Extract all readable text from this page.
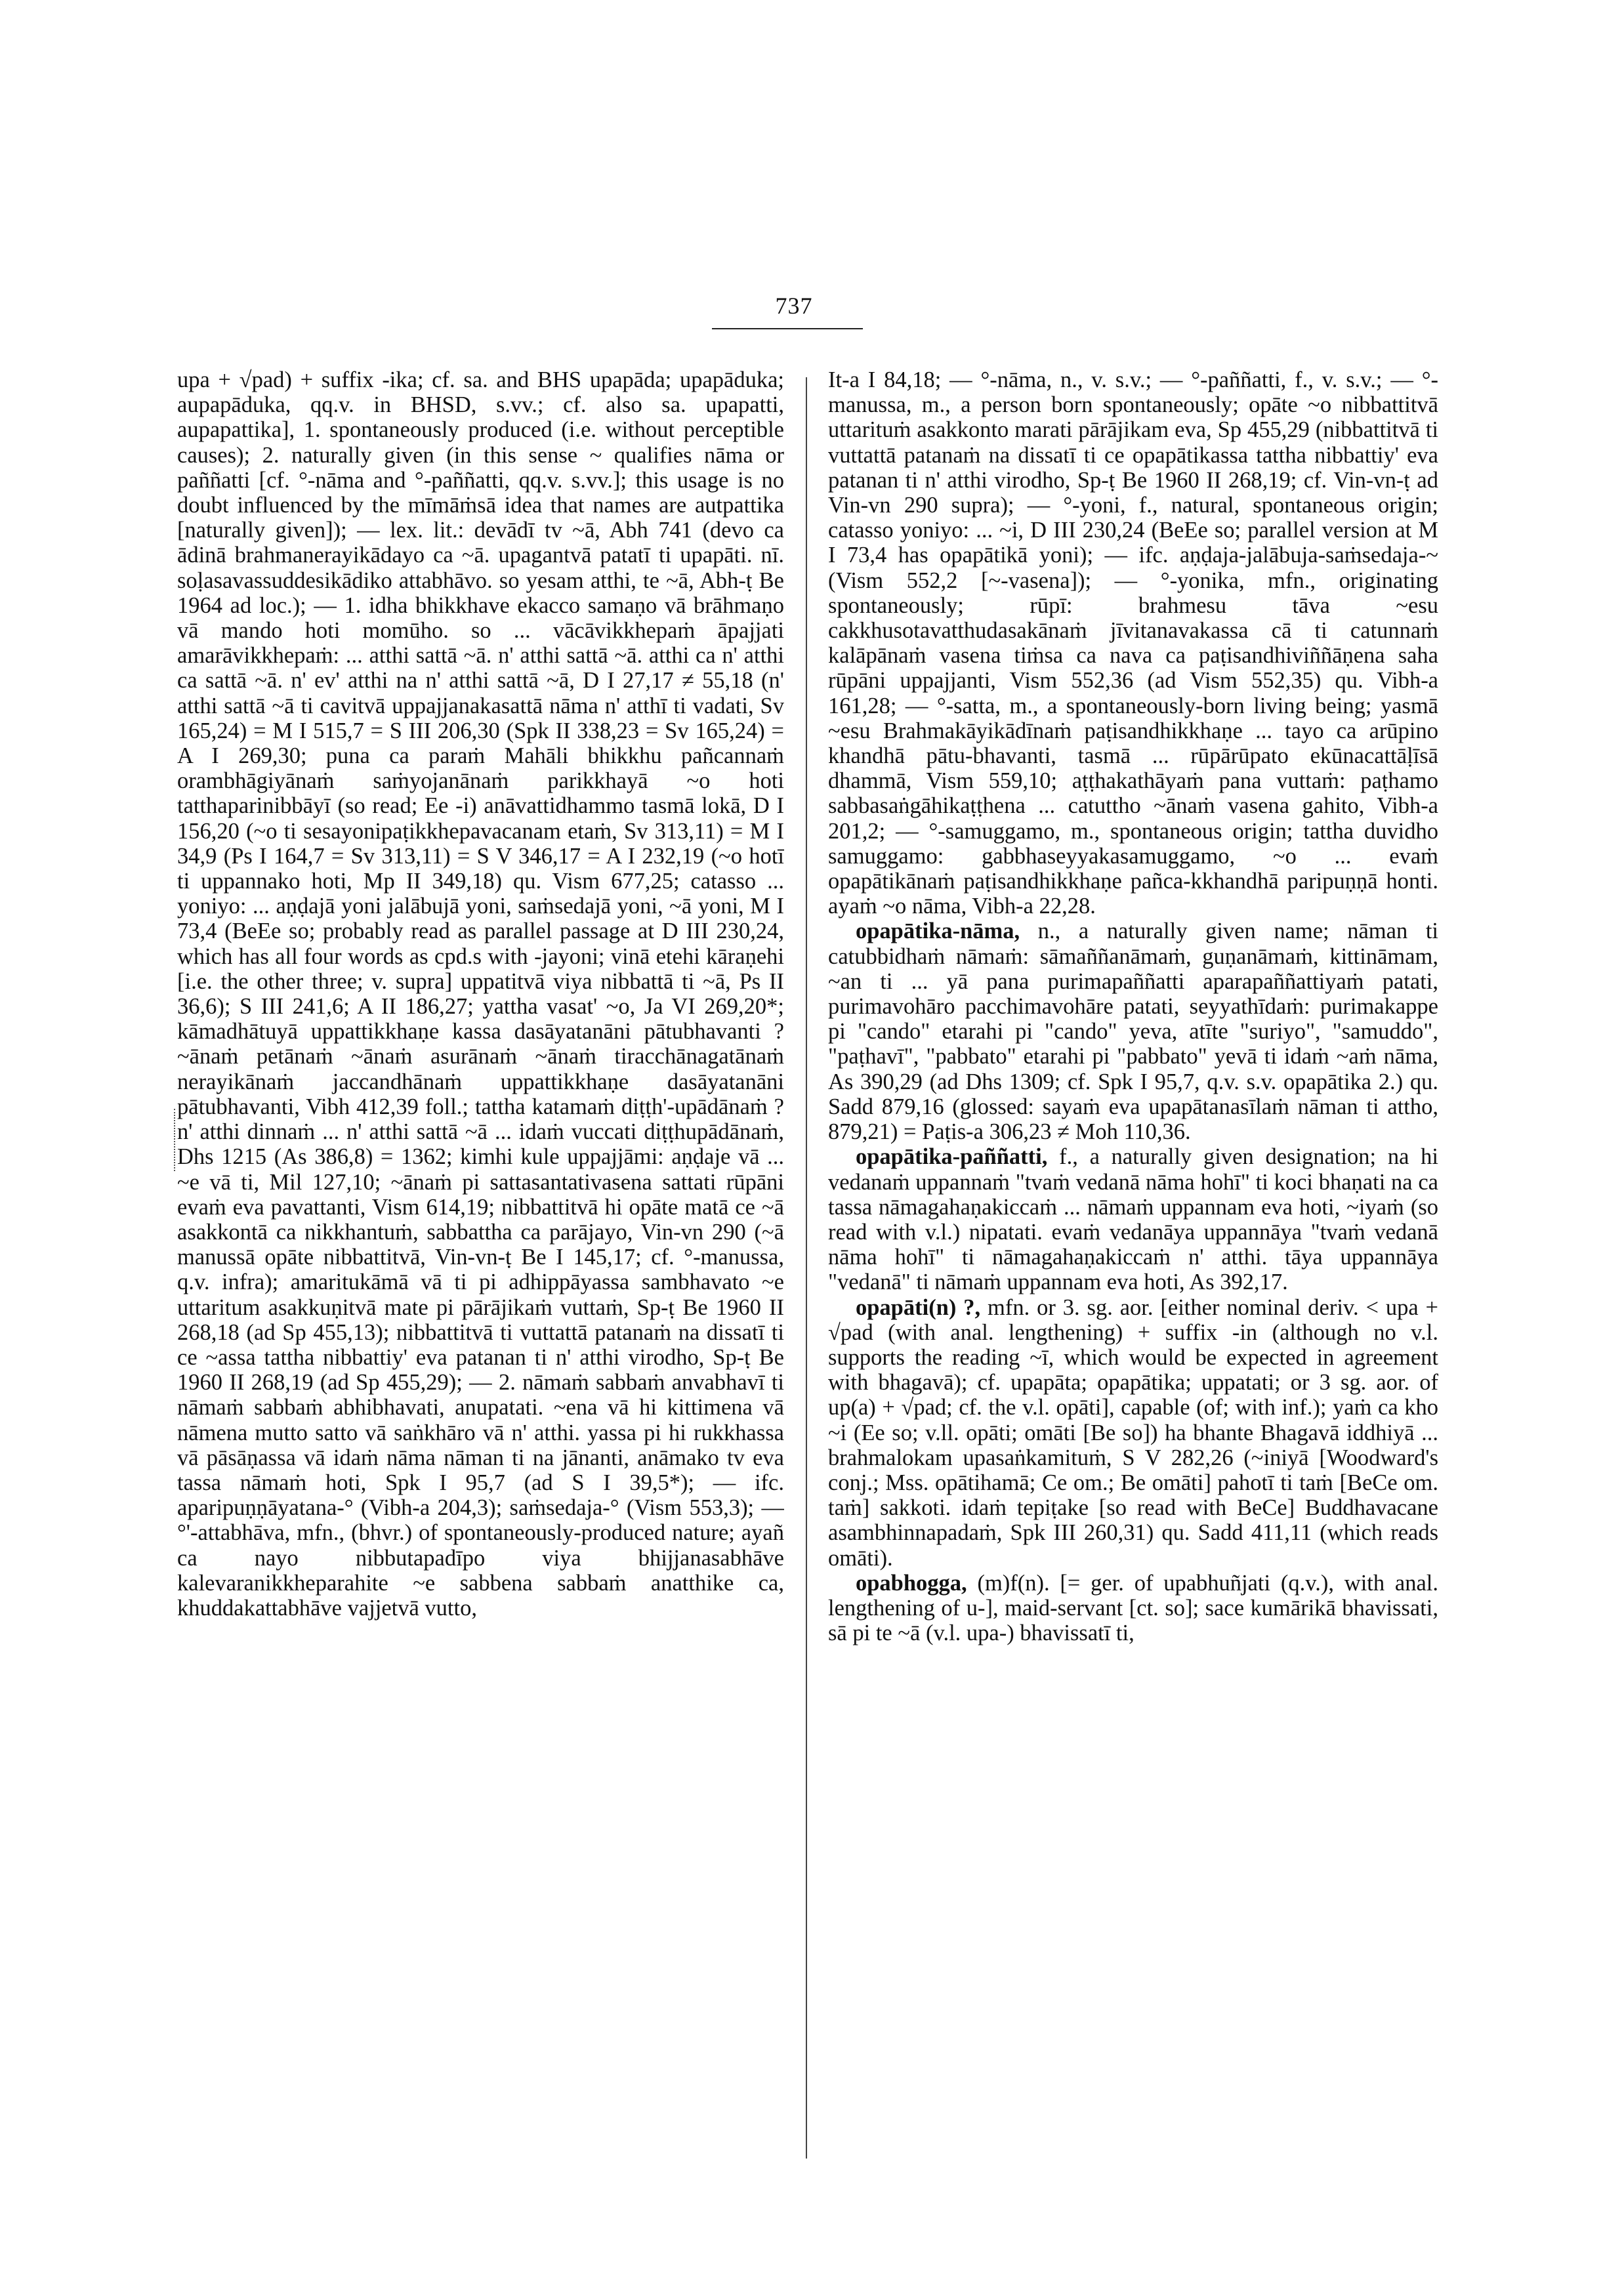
737

upa + √pad) + suffix -ika; cf. sa. and BHS upapāda; upapāduka; aupapāduka, qq.v. in BHSD, s.vv.; cf. also sa. upapatti, aupapattika], 1. spontaneously produced (i.e. without perceptible causes); 2. naturally given (in this sense ~ qualifies nāma or paññatti [cf. °-nāma and °-paññatti, qq.v. s.vv.]; this usage is no doubt influenced by the mīmāṁsā idea that names are autpattika [naturally given]); — lex. lit.: devādī tv ~ā, Abh 741 (devo ca ādinā brahmanerayikādayo ca ~ā. upagantvā patatī ti upapāti. nī. soḷasavassuddesikādiko attabhāvo. so yesam atthi, te ~ā, Abh-ṭ Be 1964 ad loc.); — 1. idha bhikkhave ekacco samaṇo vā brāhmaṇo vā mando hoti momūho. so ... vācāvikkhepaṁ āpajjati amarāvikkhepaṁ: ... atthi sattā ~ā. n' atthi sattā ~ā. atthi ca n' atthi ca sattā ~ā. n' ev' atthi na n' atthi sattā ~ā, D I 27,17 ≠ 55,18 (n' atthi sattā ~ā ti cavitvā uppajjanakasattā nāma n' atthī ti vadati, Sv 165,24) = M I 515,7 = S III 206,30 (Spk II 338,23 = Sv 165,24) = A I 269,30; puna ca paraṁ Mahāli bhikkhu pañcannaṁ orambhāgiyānaṁ saṁyojanānaṁ parikkhayā ~o hoti tatthaparinibbāyī (so read; Ee -i) anāvattidhammo tasmā lokā, D I 156,20 (~o ti sesayonipaṭikkhepavacanam etaṁ, Sv 313,11) = M I 34,9 (Ps I 164,7 = Sv 313,11) = S V 346,17 = A I 232,19 (~o hotī ti uppannako hoti, Mp II 349,18) qu. Vism 677,25; catasso ... yoniyo: ... aṇḍajā yoni jalābujā yoni, saṁsedajā yoni, ~ā yoni, M I 73,4 (BeEe so; probably read as parallel passage at D III 230,24, which has all four words as cpd.s with -jayoni; vinā etehi kāraṇehi [i.e. the other three; v. supra] uppatitvā viya nibbattā ti ~ā, Ps II 36,6); S III 241,6; A II 186,27; yattha vasat' ~o, Ja VI 269,20*; kāmadhātuyā uppattikkhaṇe kassa dasāyatanāni pātubhavanti ? ~ānaṁ petānaṁ ~ānaṁ asurānaṁ ~ānaṁ tiracchānagatānaṁ nerayikānaṁ jaccandhānaṁ uppattikkhaṇe dasāyatanāni pātubhavanti, Vibh 412,39 foll.; tattha katamaṁ diṭṭh'-upādānaṁ ? n' atthi dinnaṁ ... n' atthi sattā ~ā ... idaṁ vuccati diṭṭhupādānaṁ, Dhs 1215 (As 386,8) = 1362; kimhi kule uppajjāmi: aṇḍaje vā ... ~e vā ti, Mil 127,10; ~ānaṁ pi sattasantativasena sattati rūpāni evaṁ eva pavattanti, Vism 614,19; nibbattitvā hi opāte matā ce ~ā asakkontā ca nikkhantuṁ, sabbattha ca parājayo, Vin-vn 290 (~ā manussā opāte nibbattitvā, Vin-vn-ṭ Be I 145,17; cf. °-manussa, q.v. infra); amaritukāmā vā ti pi adhippāyassa sambhavato ~e uttaritum asakkuṇitvā mate pi pārājikaṁ vuttaṁ, Sp-ṭ Be 1960 II 268,18 (ad Sp 455,13); nibbattitvā ti vuttattā patanaṁ na dissatī ti ce ~assa tattha nibbattiy' eva patanan ti n' atthi virodho, Sp-ṭ Be 1960 II 268,19 (ad Sp 455,29); — 2. nāmaṁ sabbaṁ anvabhavī ti nāmaṁ sabbaṁ abhibhavati, anupatati. ~ena vā hi kittimena vā nāmena mutto satto vā saṅkhāro vā n' atthi. yassa pi hi rukkhassa vā pāsāṇassa vā idaṁ nāma nāman ti na jānanti, anāmako tv eva tassa nāmaṁ hoti, Spk I 95,7 (ad S I 39,5*); — ifc. aparipuṇṇāyatana-° (Vibh-a 204,3); saṁsedaja-° (Vism 553,3); — °'-attabhāva, mfn., (bhvr.) of spontaneously-produced nature; ayañ ca nayo nibbutapadīpo viya bhijjanasabhāve kalevaranikkheparahite ~e sabbena sabbaṁ anatthike ca, khuddakattabhāve vajjetvā vutto,

It-a I 84,18; — °-nāma, n., v. s.v.; — °-paññatti, f., v. s.v.; — °-manussa, m., a person born spontaneously; opāte ~o nibbattitvā uttarituṁ asakkonto marati pārājikam eva, Sp 455,29 (nibbattitvā ti vuttattā patanaṁ na dissatī ti ce opapātikassa tattha nibbattiy' eva patanan ti n' atthi virodho, Sp-ṭ Be 1960 II 268,19; cf. Vin-vn-ṭ ad Vin-vn 290 supra); — °-yoni, f., natural, spontaneous origin; catasso yoniyo: ... ~i, D III 230,24 (BeEe so; parallel version at M I 73,4 has opapātikā yoni); — ifc. aṇḍaja-jalābuja-saṁsedaja-~ (Vism 552,2 [~-vasena]); — °-yonika, mfn., originating spontaneously; rūpī: brahmesu tāva ~esu cakkhusotavatthudasakānaṁ jīvitanavakassa cā ti catunnaṁ kalāpānaṁ vasena tiṁsa ca nava ca paṭisandhiviññāṇena saha rūpāni uppajjanti, Vism 552,36 (ad Vism 552,35) qu. Vibh-a 161,28; — °-satta, m., a spontaneously-born living being; yasmā ~esu Brahmakāyikādīnaṁ paṭisandhikkhaṇe ... tayo ca arūpino khandhā pātu-bhavanti, tasmā ... rūpārūpato ekūnacattāḷīsā dhammā, Vism 559,10; aṭṭhakathāyaṁ pana vuttaṁ: paṭhamo sabbasaṅgāhikaṭṭhena ... catuttho ~ānaṁ vasena gahito, Vibh-a 201,2; — °-samuggamo, m., spontaneous origin; tattha duvidho samuggamo: gabbhaseyyakasamuggamo, ~o ... evaṁ opapātikānaṁ paṭisandhikkhaṇe pañca-kkhandhā paripuṇṇā honti. ayaṁ ~o nāma, Vibh-a 22,28.

opapātika-nāma, n., a naturally given name; nāman ti catubbidhaṁ nāmaṁ: sāmaññanāmaṁ, guṇanāmaṁ, kittināmam, ~an ti ... yā pana purimapaññatti aparapaññattiyaṁ patati, purimavohāro pacchimavohāre patati, seyyathīdaṁ: purimakappe pi "cando" etarahi pi "cando" yeva, atīte "suriyo", "samuddo", "paṭhavī", "pabbato" etarahi pi "pabbato" yevā ti idaṁ ~aṁ nāma, As 390,29 (ad Dhs 1309; cf. Spk I 95,7, q.v. s.v. opapātika 2.) qu. Sadd 879,16 (glossed: sayaṁ eva upapātanasīlaṁ nāman ti attho, 879,21) = Paṭis-a 306,23 ≠ Moh 110,36.

opapātika-paññatti, f., a naturally given designation; na hi vedanaṁ uppannaṁ "tvaṁ vedanā nāma hohī" ti koci bhaṇati na ca tassa nāmagahaṇakiccaṁ ... nāmaṁ uppannam eva hoti, ~iyaṁ (so read with v.l.) nipatati. evaṁ vedanāya uppannāya "tvaṁ vedanā nāma hohī" ti nāmagahaṇakiccaṁ n' atthi. tāya uppannāya "vedanā" ti nāmaṁ uppannam eva hoti, As 392,17.

opapāti(n) ?, mfn. or 3. sg. aor. [either nominal deriv. < upa + √pad (with anal. lengthening) + suffix -in (although no v.l. supports the reading ~ī, which would be expected in agreement with bhagavā); cf. upapāta; opapātika; uppatati; or 3 sg. aor. of up(a) + √pad; cf. the v.l. opāti], capable (of; with inf.); yaṁ ca kho ~i (Ee so; v.ll. opāti; omāti [Be so]) ha bhante Bhagavā iddhiyā ... brahmalokam upasaṅkamituṁ, S V 282,26 (~iniyā [Woodward's conj.; Mss. opātihamā; Ce om.; Be omāti] pahotī ti taṁ [BeCe om. taṁ] sakkoti. idaṁ tepiṭake [so read with BeCe] Buddhavacane asambhinnapadaṁ, Spk III 260,31) qu. Sadd 411,11 (which reads omāti).

opabhogga, (m)f(n). [= ger. of upabhuñjati (q.v.), with anal. lengthening of u-], maid-servant [ct. so]; sace kumārikā bhavissati, sā pi te ~ā (v.l. upa-) bhavissatī ti,
